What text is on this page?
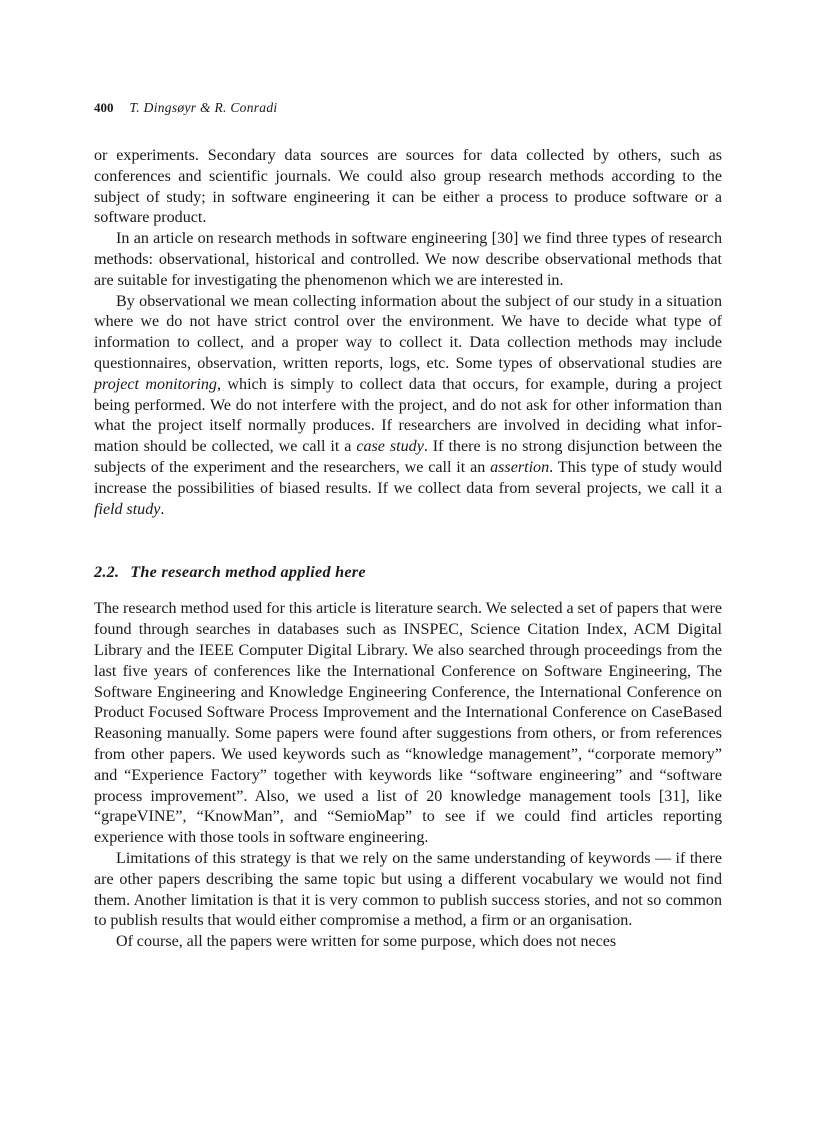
400 T. Dingsøyr & R. Conradi

or experiments. Secondary data sources are sources for data collected by others, such as conferences and scientific journals. We could also group research methods according to the subject of study; in software engineering it can be either a process to produce software or a software product.

In an article on research methods in software engineering [30] we find three types of research methods: observational, historical and controlled. We now describe observational methods that are suitable for investigating the phenomenon which we are interested in.

By observational we mean collecting information about the subject of our study in a situation where we do not have strict control over the environment. We have to decide what type of information to collect, and a proper way to collect it. Data collection methods may include questionnaires, observation, written reports, logs, etc. Some types of observational studies are project monitoring, which is simply to collect data that occurs, for example, during a project being performed. We do not interfere with the project, and do not ask for other information than what the project itself normally produces. If researchers are involved in deciding what information should be collected, we call it a case study. If there is no strong disjunction between the subjects of the experiment and the researchers, we call it an assertion. This type of study would increase the possibilities of biased results. If we collect data from several projects, we call it a field study.

2.2. The research method applied here

The research method used for this article is literature search. We selected a set of papers that were found through searches in databases such as INSPEC, Science Citation Index, ACM Digital Library and the IEEE Computer Digital Library. We also searched through proceedings from the last five years of conferences like the International Conference on Software Engineering, The Software Engineering and Knowledge Engineering Conference, the International Conference on Product Focused Software Process Improvement and the International Conference on CaseBased Reasoning manually. Some papers were found after suggestions from others, or from references from other papers. We used keywords such as “knowledge management”, “corporate memory” and “Experience Factory” together with keywords like “software engineering” and “software process improvement”. Also, we used a list of 20 knowledge management tools [31], like “grapeVINE”, “KnowMan”, and “SemioMap” to see if we could find articles reporting experience with those tools in software engineering.

Limitations of this strategy is that we rely on the same understanding of keywords — if there are other papers describing the same topic but using a different vocabulary we would not find them. Another limitation is that it is very common to publish success stories, and not so common to publish results that would either compromise a method, a firm or an organisation.

Of course, all the papers were written for some purpose, which does not neces
